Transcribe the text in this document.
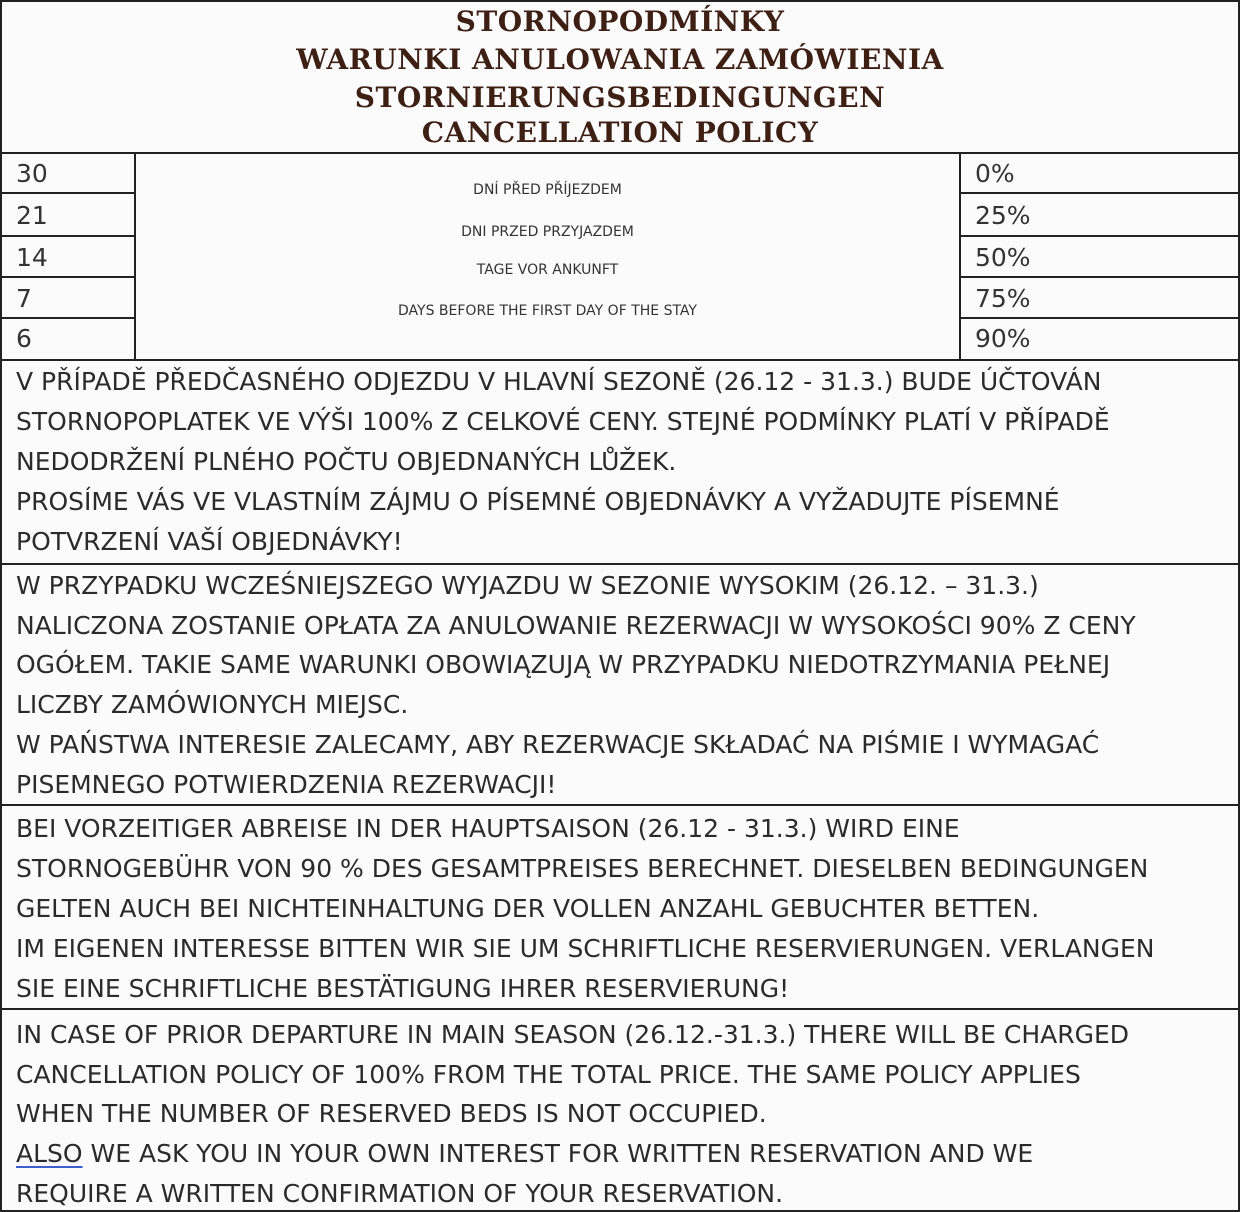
STORNOPODMÍNKY
WARUNKI ANULOWANIA ZAMÓWIENIA
STORNIERUNGSBEDINGUNGEN
CANCELLATION POLICY
30
21
14
7
6
DNÍ PŘED PŘÍJEZDEM
DNI PRZED PRZYJAZDEM
TAGE VOR ANKUNFT
DAYS BEFORE THE FIRST DAY OF THE STAY
0%
25%
50%
75%
90%
V PŘÍPADĚ PŘEDČASNÉHO ODJEZDU V HLAVNÍ SEZONĚ (26.12 - 31.3.) BUDE ÚČTOVÁN
STORNOPOPLATEK VE VÝŠI 100% Z CELKOVÉ CENY. STEJNÉ PODMÍNKY PLATÍ V PŘÍPADĚ
NEDODRŽENÍ PLNÉHO POČTU OBJEDNANÝCH LŮŽEK.
PROSÍME VÁS VE VLASTNÍM ZÁJMU O PÍSEMNÉ OBJEDNÁVKY A VYŽADUJTE PÍSEMNÉ
POTVRZENÍ VAŠÍ OBJEDNÁVKY!
W PRZYPADKU WCZEŚNIEJSZEGO WYJAZDU W SEZONIE WYSOKIM (26.12. – 31.3.)
NALICZONA ZOSTANIE OPŁATA ZA ANULOWANIE REZERWACJI W WYSOKOŚCI 90% Z CENY
OGÓŁEM. TAKIE SAME WARUNKI OBOWIĄZUJĄ W PRZYPADKU NIEDOTRZYMANIA PEŁNEJ
LICZBY ZAMÓWIONYCH MIEJSC.
W PAŃSTWA INTERESIE ZALECAMY, ABY REZERWACJE SKŁADAĆ NA PIŚMIE I WYMAGAĆ
PISEMNEGO POTWIERDZENIA REZERWACJI!
BEI VORZEITIGER ABREISE IN DER HAUPTSAISON (26.12 - 31.3.) WIRD EINE
STORNOGEBÜHR VON 90 % DES GESAMTPREISES BERECHNET. DIESELBEN BEDINGUNGEN
GELTEN AUCH BEI NICHTEINHALTUNG DER VOLLEN ANZAHL GEBUCHTER BETTEN.
IM EIGENEN INTERESSE BITTEN WIR SIE UM SCHRIFTLICHE RESERVIERUNGEN. VERLANGEN
SIE EINE SCHRIFTLICHE BESTÄTIGUNG IHRER RESERVIERUNG!
IN CASE OF PRIOR DEPARTURE IN MAIN SEASON (26.12.-31.3.) THERE WILL BE CHARGED
CANCELLATION POLICY OF 100% FROM THE TOTAL PRICE. THE SAME POLICY APPLIES
WHEN THE NUMBER OF RESERVED BEDS IS NOT OCCUPIED.
ALSO WE ASK YOU IN YOUR OWN INTEREST FOR WRITTEN RESERVATION AND WE
REQUIRE A WRITTEN CONFIRMATION OF YOUR RESERVATION.
